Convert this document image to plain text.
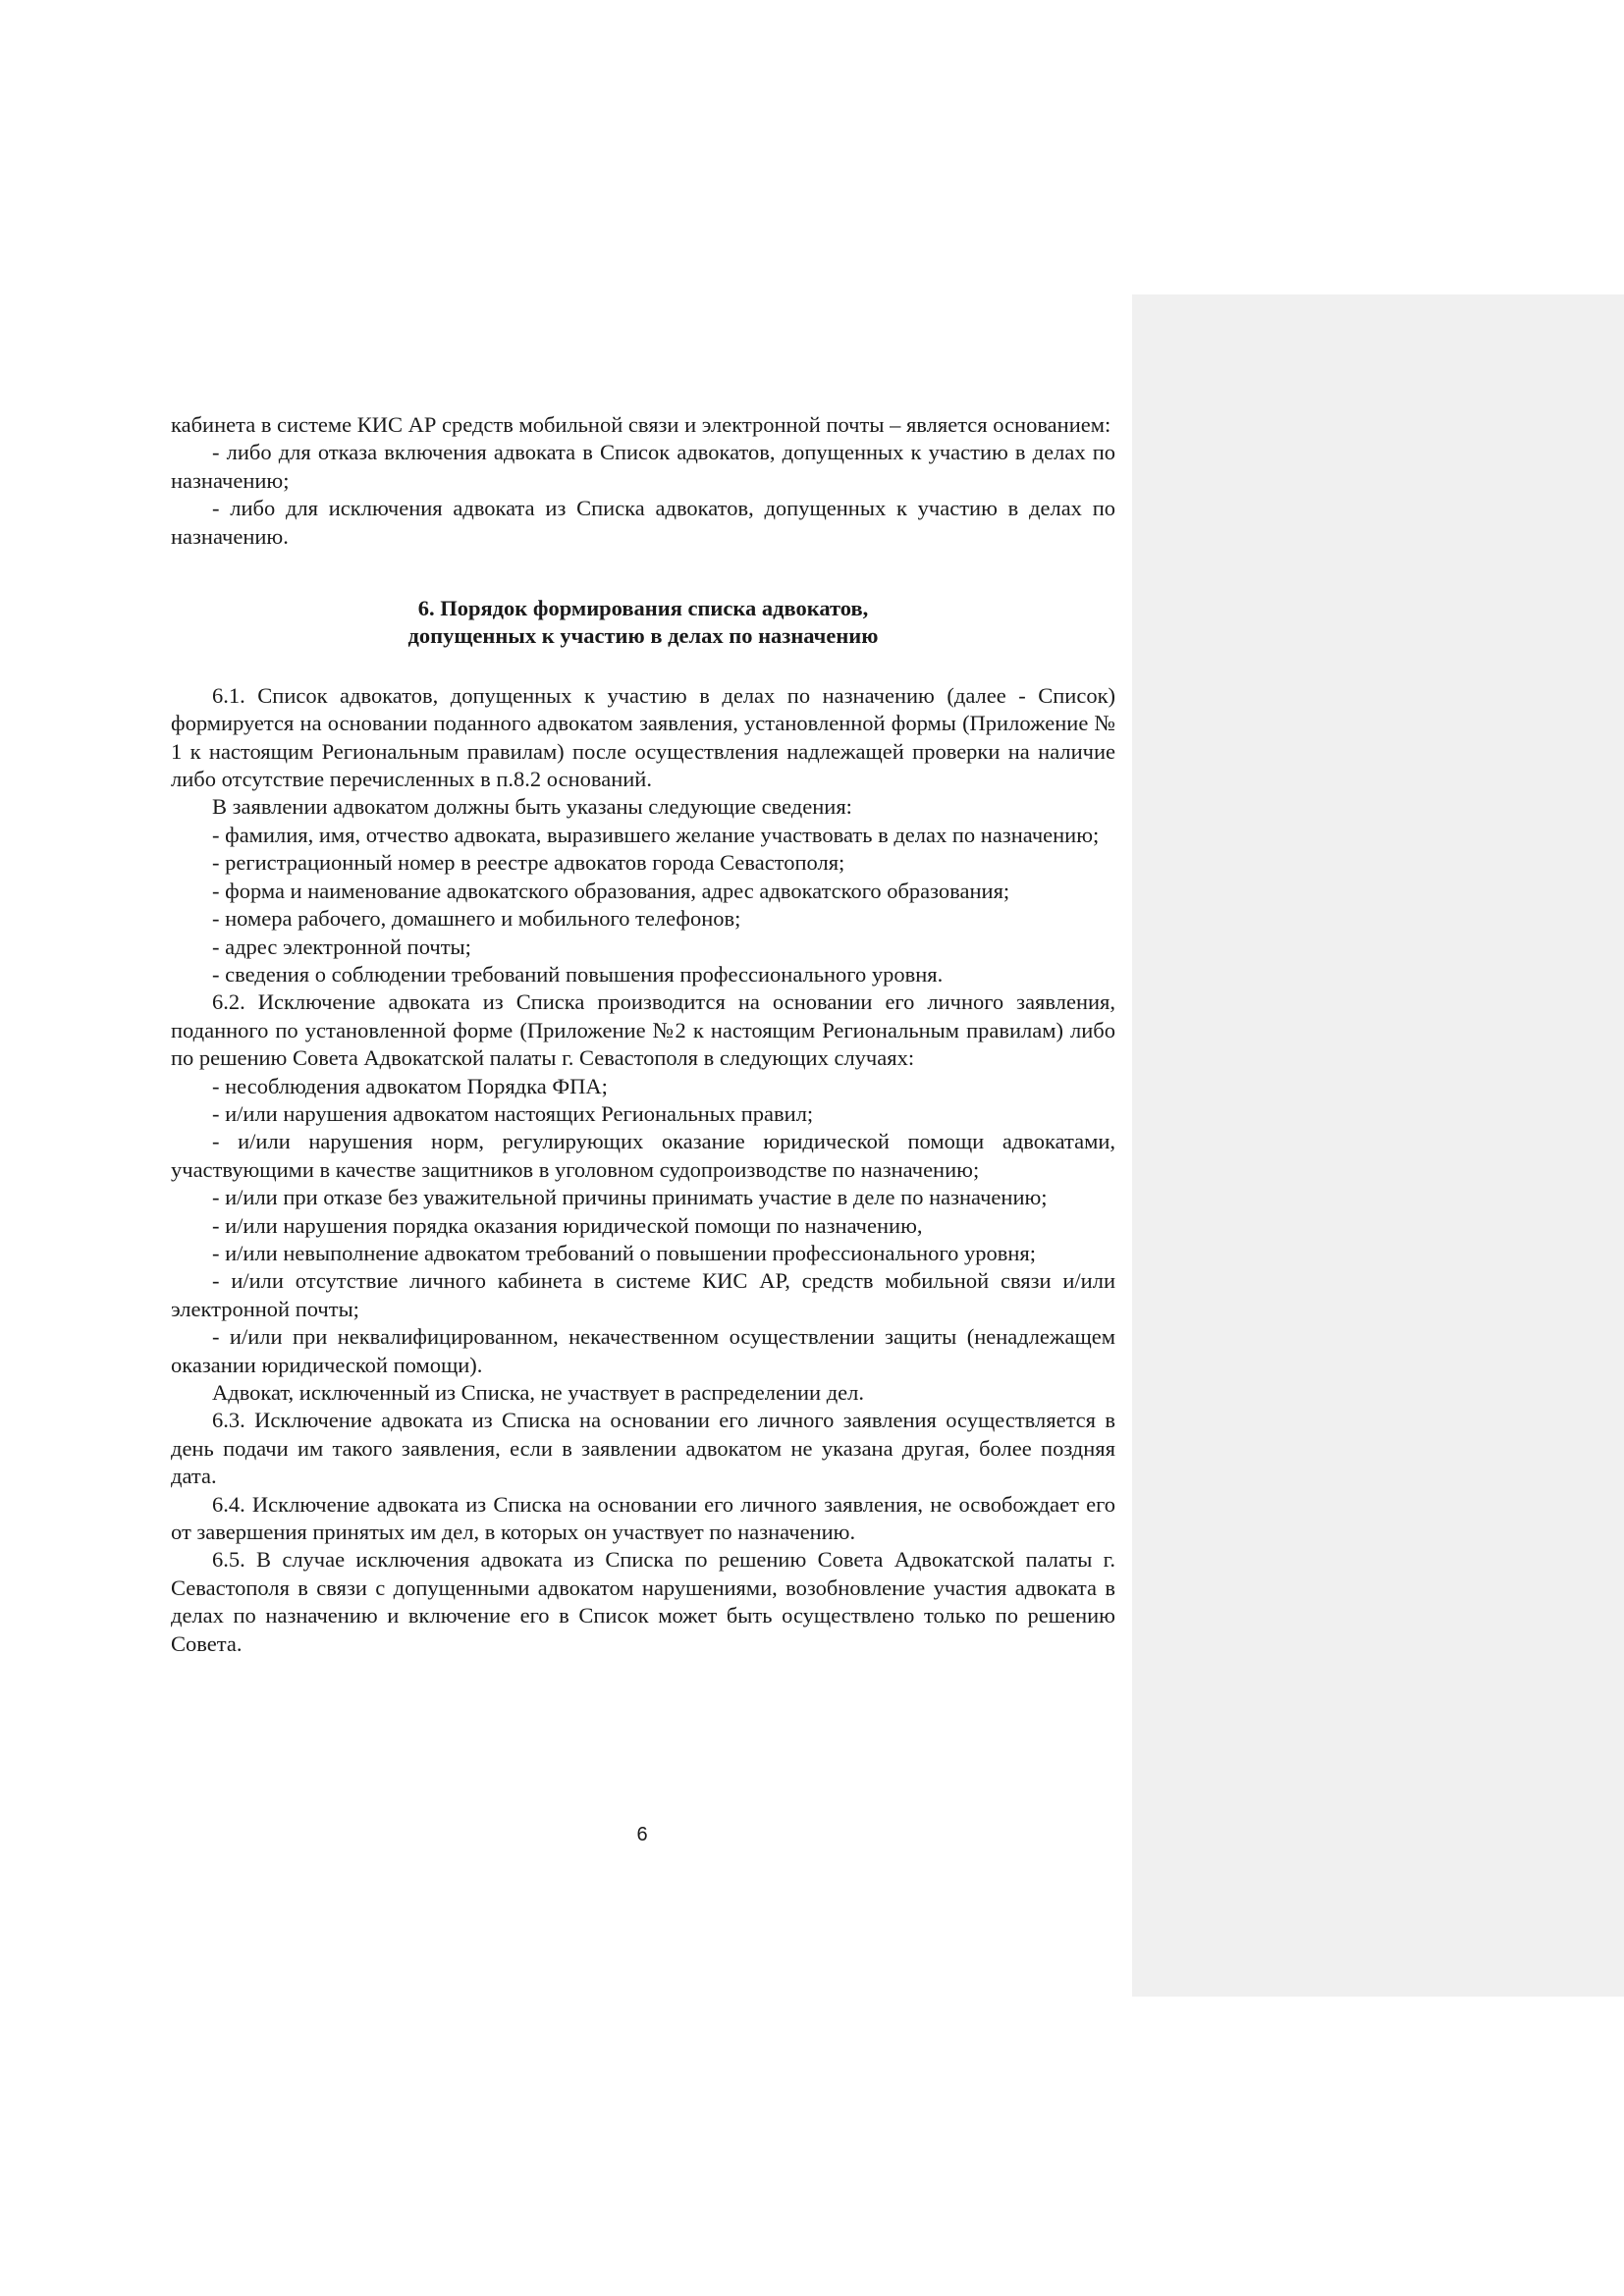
кабинета в системе КИС АР средств мобильной связи и электронной почты – является основанием:

- либо для отказа включения адвоката в Список адвокатов, допущенных к участию в делах по назначению;

- либо для исключения адвоката из Списка адвокатов, допущенных к участию в делах по назначению.

6. Порядок формирования списка адвокатов,
допущенных к участию в делах по назначению

6.1. Список адвокатов, допущенных к участию в делах по назначению (далее - Список) формируется на основании поданного адвокатом заявления, установленной формы (Приложение № 1 к настоящим Региональным правилам) после осуществления надлежащей проверки на наличие либо отсутствие перечисленных в п.8.2 оснований.

В заявлении адвокатом должны быть указаны следующие сведения:

- фамилия, имя, отчество адвоката, выразившего желание участвовать в делах по назначению;

- регистрационный номер в реестре адвокатов города Севастополя;

- форма и наименование адвокатского образования, адрес адвокатского образования;

- номера рабочего, домашнего и мобильного телефонов;

- адрес электронной почты;

- сведения о соблюдении требований повышения профессионального уровня.

6.2. Исключение адвоката из Списка производится на основании его личного заявления, поданного по установленной форме (Приложение №2 к настоящим Региональным правилам) либо по решению Совета Адвокатской палаты г. Севастополя в следующих случаях:

- несоблюдения адвокатом Порядка ФПА;

- и/или нарушения адвокатом настоящих Региональных правил;

- и/или нарушения норм, регулирующих оказание юридической помощи адвокатами, участвующими в качестве защитников в уголовном судопроизводстве по назначению;

- и/или при отказе без уважительной причины принимать участие в деле по назначению;

- и/или нарушения порядка оказания юридической помощи по назначению,

- и/или невыполнение адвокатом требований о повышении профессионального уровня;

- и/или отсутствие личного кабинета в системе КИС АР, средств мобильной связи и/или электронной почты;

- и/или при неквалифицированном, некачественном осуществлении защиты (ненадлежащем оказании юридической помощи).

Адвокат, исключенный из Списка, не участвует в распределении дел.

6.3. Исключение адвоката из Списка на основании его личного заявления осуществляется в день подачи им такого заявления, если в заявлении адвокатом не указана другая, более поздняя дата.

6.4. Исключение адвоката из Списка на основании его личного заявления, не освобождает его от завершения принятых им дел, в которых он участвует по назначению.

6.5. В случае исключения адвоката из Списка по решению Совета Адвокатской палаты г. Севастополя в связи с допущенными адвокатом нарушениями, возобновление участия адвоката в делах по назначению и включение его в Список может быть осуществлено только по решению Совета.

6
